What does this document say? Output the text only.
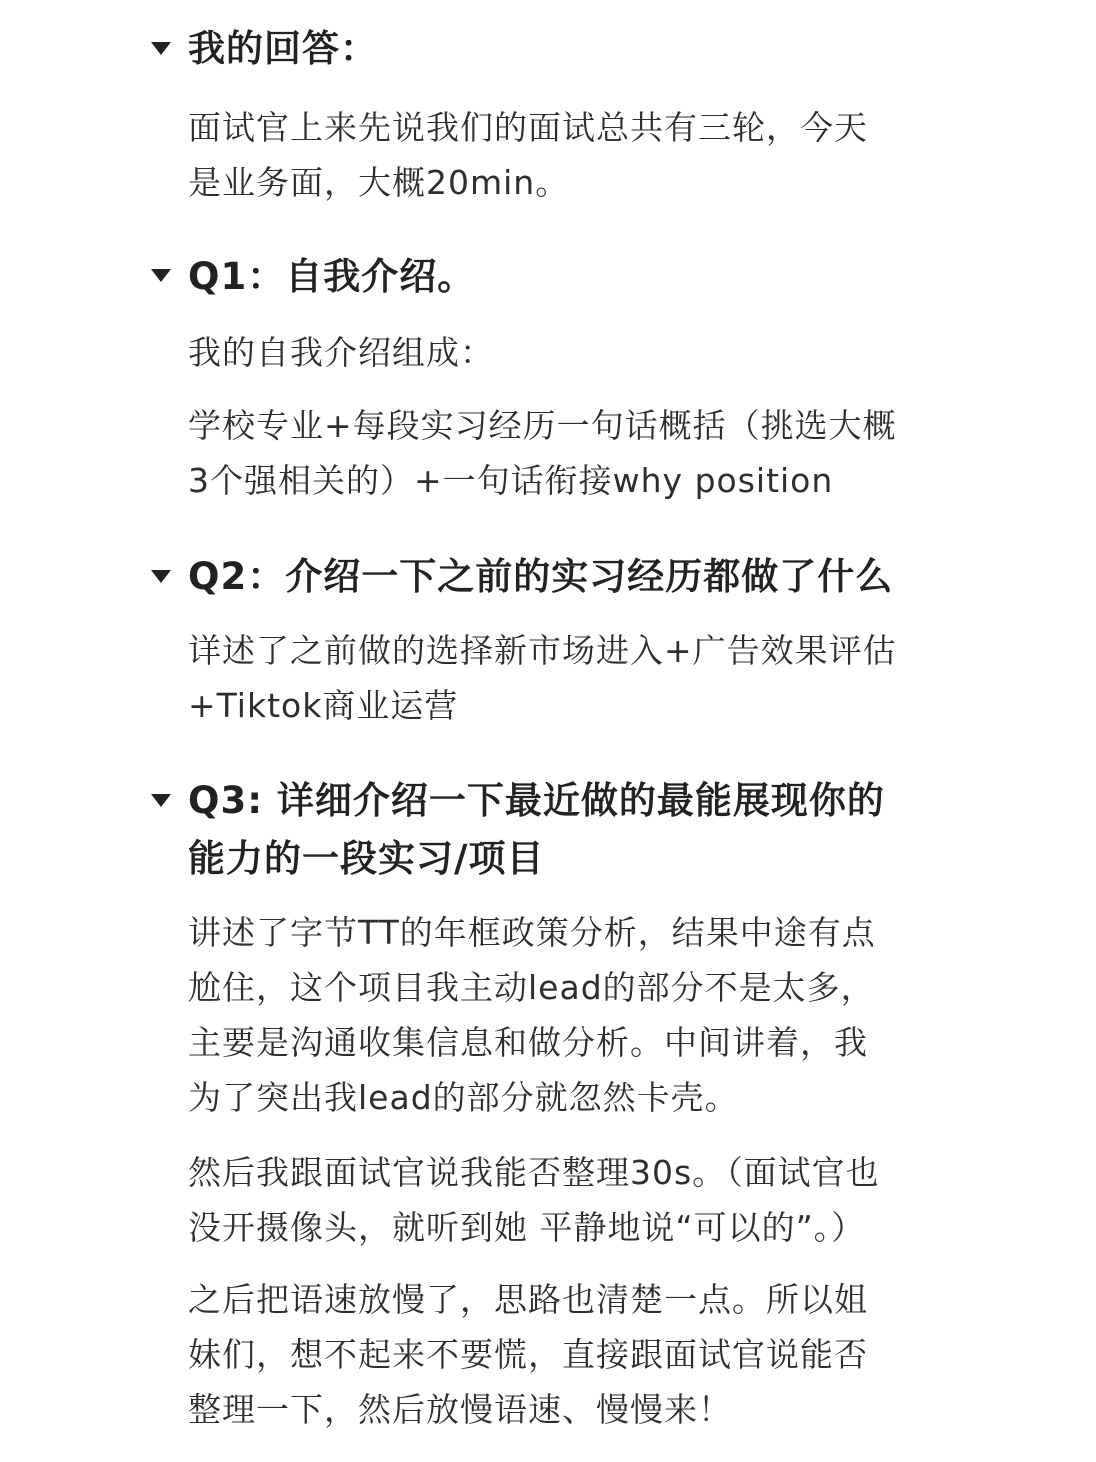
我的回答：

面试官上来先说我们的面试总共有三轮，今天
是业务面，大概20min。

Q1：自我介绍。

我的自我介绍组成：

学校专业+每段实习经历一句话概括（挑选大概
3个强相关的）+一句话衔接why position

Q2：介绍一下之前的实习经历都做了什么

详述了之前做的选择新市场进入+广告效果评估
+Tiktok商业运营

Q3: 详细介绍一下最近做的最能展现你的
能力的一段实习/项目

讲述了字节TT的年框政策分析，结果中途有点
尬住，这个项目我主动lead的部分不是太多，
主要是沟通收集信息和做分析。中间讲着，我
为了突出我lead的部分就忽然卡壳。

然后我跟面试官说我能否整理30s。（面试官也
没开摄像头，就听到她 平静地说“可以的”。）

之后把语速放慢了，思路也清楚一点。所以姐
妹们，想不起来不要慌，直接跟面试官说能否
整理一下，然后放慢语速、慢慢来！
